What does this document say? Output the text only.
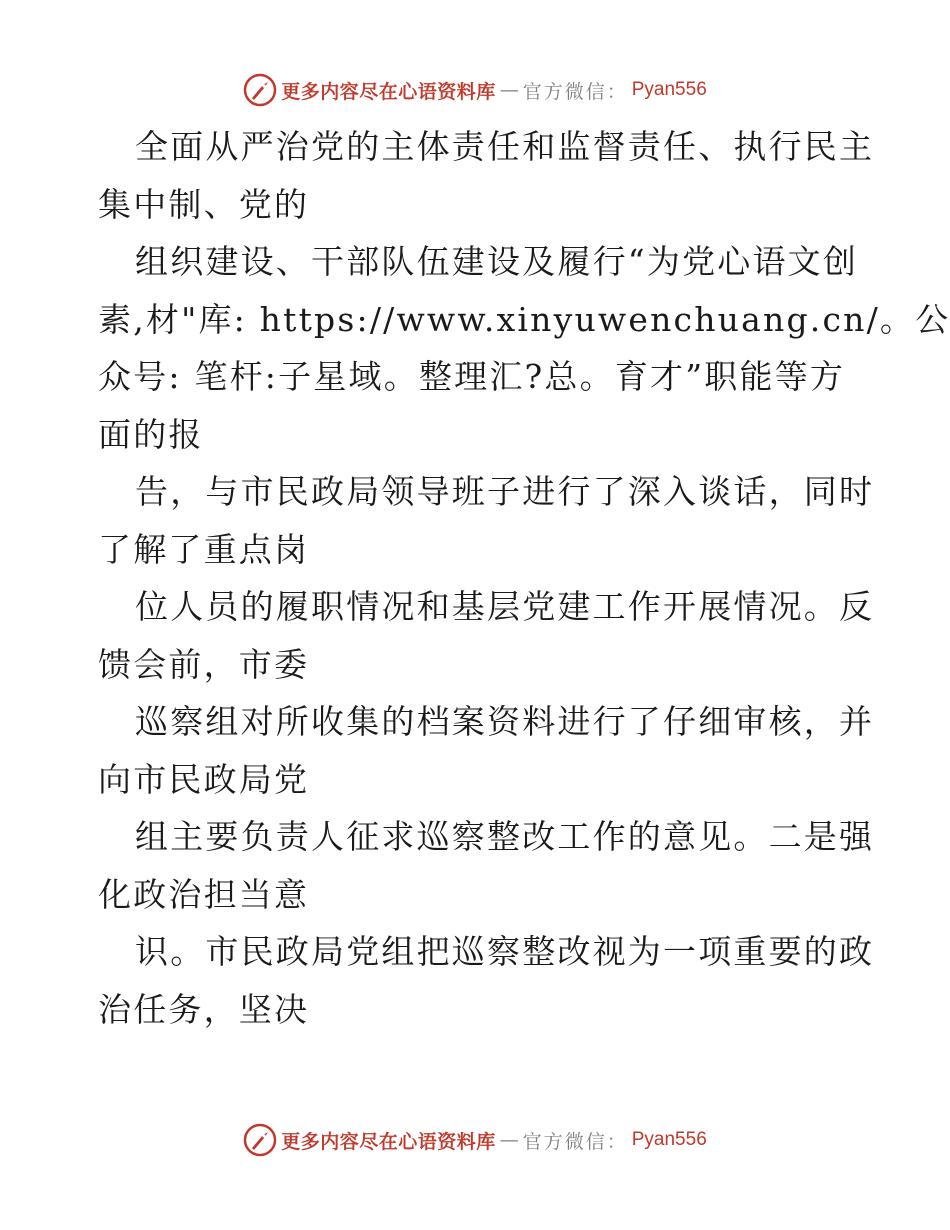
更多内容尽在心语资料库 — 官方微信： Pyan556
全面从严治党的主体责任和监督责任、执行民主
集中制、党的
组织建设、干部队伍建设及履行“为党心语文创
素,材"库: https://www.xinyuwenchuang.cn/。公
众号: 笔杆:子星域。整理汇?总。育才”职能等方
面的报
告，与市民政局领导班子进行了深入谈话，同时
了解了重点岗
位人员的履职情况和基层党建工作开展情况。反
馈会前，市委
巡察组对所收集的档案资料进行了仔细审核，并
向市民政局党
组主要负责人征求巡察整改工作的意见。二是强
化政治担当意
识。市民政局党组把巡察整改视为一项重要的政
治任务，坚决
更多内容尽在心语资料库 — 官方微信： Pyan556
